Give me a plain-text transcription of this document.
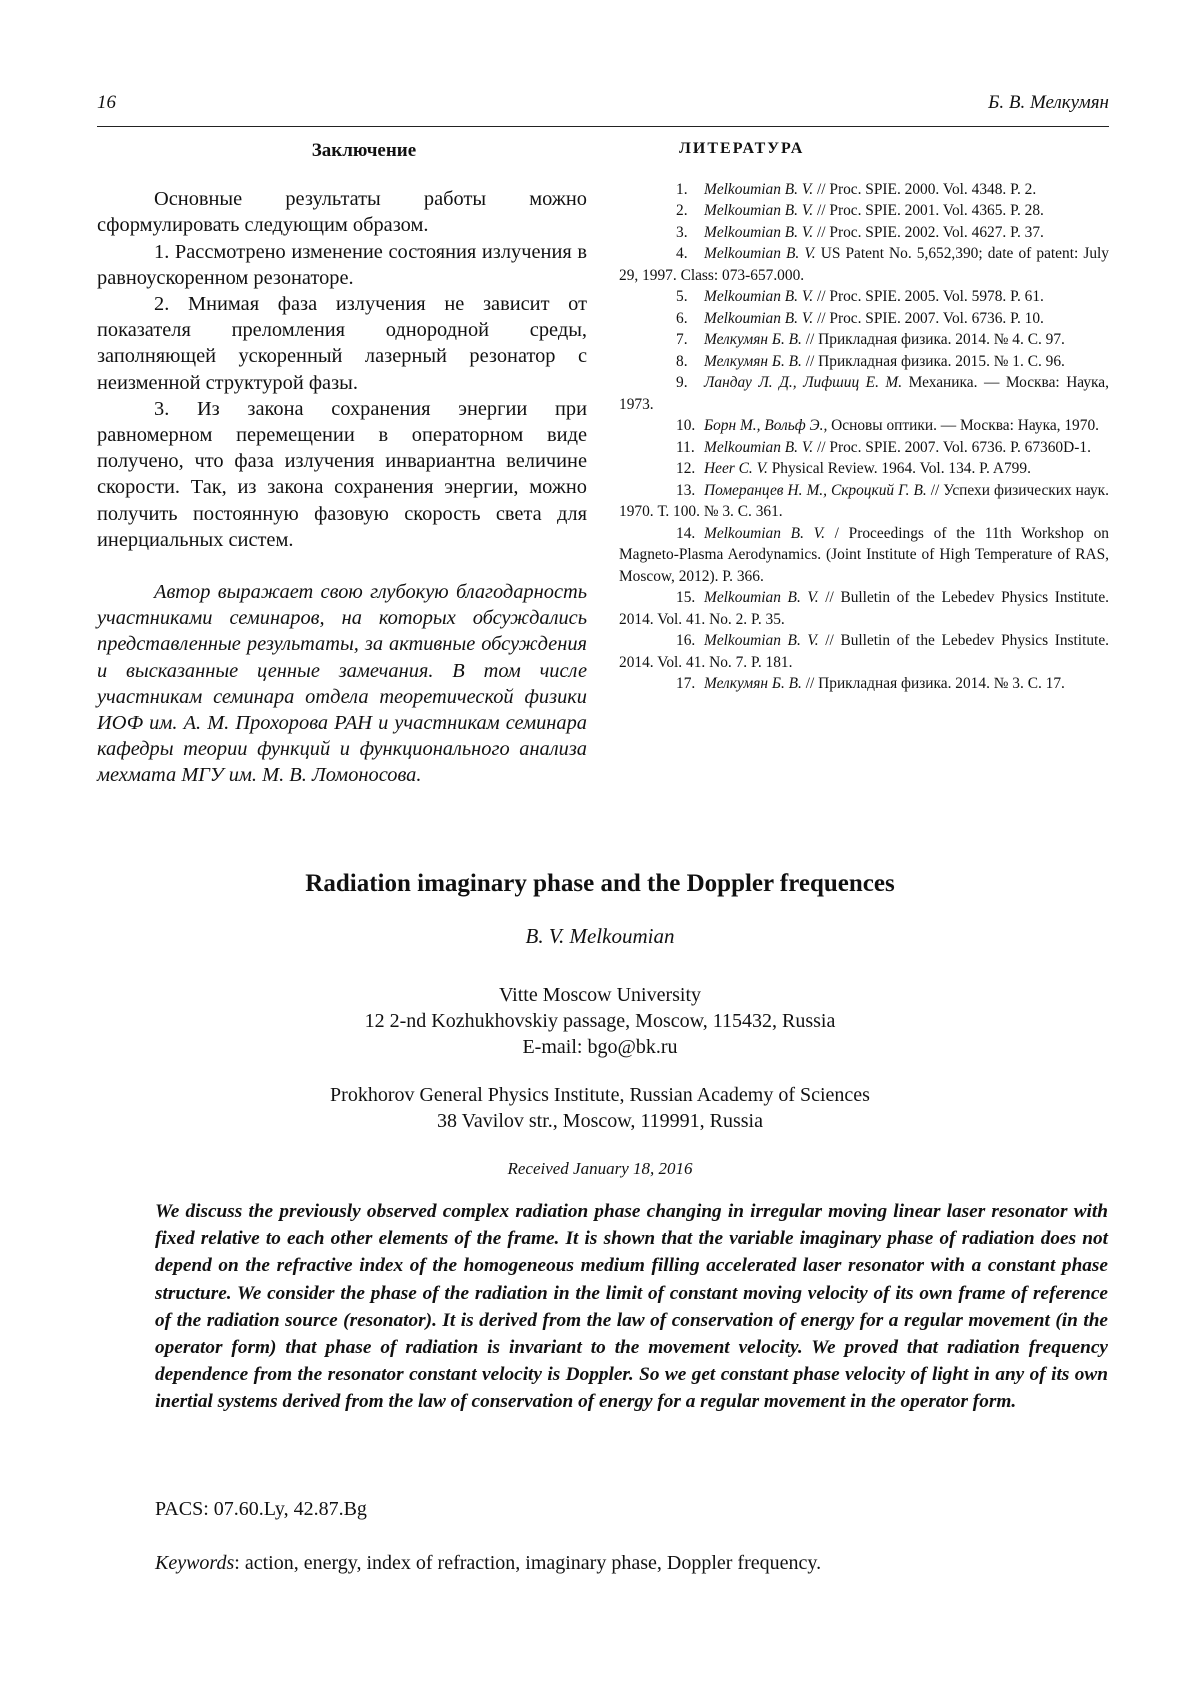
16	Б. В. Мелкумян
Заключение

Основные результаты работы можно сформулировать следующим образом.

1. Рассмотрено изменение состояния излучения в равноускоренном резонаторе.

2. Мнимая фаза излучения не зависит от показателя преломления однородной среды, заполняющей ускоренный лазерный резонатор с неизменной структурой фазы.

3. Из закона сохранения энергии при равномерном перемещении в операторном виде получено, что фаза излучения инвариантна величине скорости. Так, из закона сохранения энергии, можно получить постоянную фазовую скорость света для инерциальных систем.

Автор выражает свою глубокую благодарность участниками семинаров, на которых обсуждались представленные результаты, за активные обсуждения и высказанные ценные замечания. В том числе участникам семинара отдела теоретической физики ИОФ им. А. М. Прохорова РАН и участникам семинара кафедры теории функций и функционального анализа мехмата МГУ им. М. В. Ломоносова.

ЛИТЕРАТУРА

1. Melkoumian B. V. // Proc. SPIE. 2000. Vol. 4348. P. 2.

2. Melkoumian B. V. // Proc. SPIE. 2001. Vol. 4365. P. 28.

3. Melkoumian B. V. // Proc. SPIE. 2002. Vol. 4627. P. 37.

4. Melkoumian B. V. US Patent No. 5,652,390; date of patent: July 29, 1997. Class: 073-657.000.

5. Melkoumian B. V. // Proc. SPIE. 2005. Vol. 5978. P. 61.

6. Melkoumian B. V. // Proc. SPIE. 2007. Vol. 6736. P. 10.

7. Мелкумян Б. В. // Прикладная физика. 2014. № 4. С. 97.

8. Мелкумян Б. В. // Прикладная физика. 2015. № 1. С. 96.

9. Ландау Л. Д., Лифшиц Е. М. Механика. — Москва: Наука, 1973.

10. Борн М., Вольф Э., Основы оптики. — Москва: Наука, 1970.

11. Melkoumian B. V. // Proc. SPIE. 2007. Vol. 6736. P. 67360D-1.

12. Heer C. V. Physical Review. 1964. Vol. 134. P. A799.

13. Померанцев Н. М., Скроцкий Г. В. // Успехи физических наук. 1970. Т. 100. № 3. С. 361.

14. Melkoumian B. V. / Proceedings of the 11th Workshop on Magneto-Plasma Aerodynamics. (Joint Institute of High Temperature of RAS, Moscow, 2012). P. 366.

15. Melkoumian B. V. // Bulletin of the Lebedev Physics Institute. 2014. Vol. 41. No. 2. P. 35.

16. Melkoumian B. V. // Bulletin of the Lebedev Physics Institute. 2014. Vol. 41. No. 7. P. 181.

17. Мелкумян Б. В. // Прикладная физика. 2014. № 3. С. 17.

Radiation imaginary phase and the Doppler frequences
B. V. Melkoumian
Vitte Moscow University
12 2-nd Kozhukhovskiy passage, Moscow, 115432, Russia
E-mail: bgo@bk.ru
Prokhorov General Physics Institute, Russian Academy of Sciences
38 Vavilov str., Moscow, 119991, Russia
Received January 18, 2016

We discuss the previously observed complex radiation phase changing in irregular moving linear laser resonator with fixed relative to each other elements of the frame. It is shown that the variable imaginary phase of radiation does not depend on the refractive index of the homogeneous medium filling accelerated laser resonator with a constant phase structure. We consider the phase of the radiation in the limit of constant moving velocity of its own frame of reference of the radiation source (resonator). It is derived from the law of conservation of energy for a regular movement (in the operator form) that phase of radiation is invariant to the movement velocity. We proved that radiation frequency dependence from the resonator constant velocity is Doppler. So we get constant phase velocity of light in any of its own inertial systems derived from the law of conservation of energy for a regular movement in the operator form.

PACS: 07.60.Ly, 42.87.Bg
Keywords: action, energy, index of refraction, imaginary phase, Doppler frequency.
